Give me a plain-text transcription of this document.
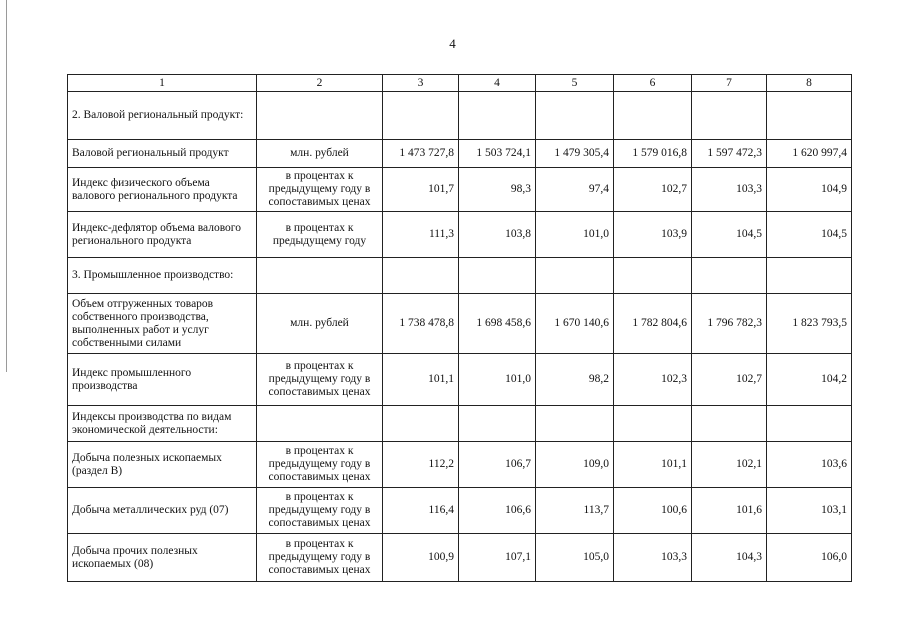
4
1	2	3	4	5	6	7	8
2. Валовой региональный продукт:							
Валовой региональный продукт	млн. рублей	1 473 727,8	1 503 724,1	1 479 305,4	1 579 016,8	1 597 472,3	1 620 997,4
Индекс физического объема валового регионального продукта	в процентах к предыдущему году в сопоставимых ценах	101,7	98,3	97,4	102,7	103,3	104,9
Индекс-дефлятор объема валового регионального продукта	в процентах к предыдущему году	111,3	103,8	101,0	103,9	104,5	104,5
3. Промышленное производство:							
Объем отгруженных товаров собственного производства, выполненных работ и услуг собственными силами	млн. рублей	1 738 478,8	1 698 458,6	1 670 140,6	1 782 804,6	1 796 782,3	1 823 793,5
Индекс промышленного производства	в процентах к предыдущему году в сопоставимых ценах	101,1	101,0	98,2	102,3	102,7	104,2
Индексы производства по видам экономической деятельности:							
Добыча полезных ископаемых (раздел B)	в процентах к предыдущему году в сопоставимых ценах	112,2	106,7	109,0	101,1	102,1	103,6
Добыча металлических руд (07)	в процентах к предыдущему году в сопоставимых ценах	116,4	106,6	113,7	100,6	101,6	103,1
Добыча прочих полезных ископаемых (08)	в процентах к предыдущему году в сопоставимых ценах	100,9	107,1	105,0	103,3	104,3	106,0
